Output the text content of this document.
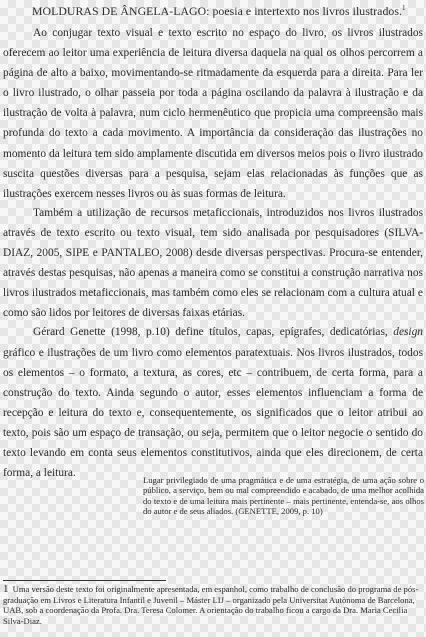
MOLDURAS DE ÂNGELA-LAGO: poesia e intertexto nos livros ilustrados.$^1$

Ao conjugar texto visual e texto escrito no espaço do livro, os livros ilustrados oferecem ao leitor uma experiência de leitura diversa daquela na qual os olhos percorrem a página de alto a baixo, movimentando-se ritmadamente da esquerda para a direita. Para ler o livro ilustrado, o olhar passeia por toda a página oscilando da palavra à ilustração e da ilustração de volta à palavra, num ciclo hermenêutico que propicia uma compreensão mais profunda do texto a cada movimento. A importância da consideração das ilustrações no momento da leitura tem sido amplamente discutida em diversos meios pois o livro ilustrado suscita questões diversas para a pesquisa, sejam elas relacionadas às funções que as ilustrações exercem nesses livros ou às suas formas de leitura.

Também a utilização de recursos metaficcionais, introduzidos nos livros ilustrados através de texto escrito ou texto visual, tem sido analisada por pesquisadores (SILVA-DIAZ, 2005, SIPE e PANTALEO, 2008) desde diversas perspectivas. Procura-se entender, através destas pesquisas, não apenas a maneira como se constitui a construção narrativa nos livros ilustrados metaficcionais, mas também como eles se relacionam com a cultura atual e como são lidos por leitores de diversas faixas etárias.

Gérard Genette (1998, p.10) define títulos, capas, epígrafes, dedicatórias, design gráfico e ilustrações de um livro como elementos paratextuais. Nos livros ilustrados, todos os elementos – o formato, a textura, as cores, etc – contribuem, de certa forma, para a construção do texto. Ainda segundo o autor, esses elementos influenciam a forma de recepção e leitura do texto e, consequentemente, os significados que o leitor atribui ao texto, pois são um espaço de transação, ou seja, permitem que o leitor negocie o sentido do texto levando em conta seus elementos constitutivos, ainda que eles direcionem, de certa forma, a leitura.

Lugar privilegiado de uma pragmática e de uma estratégia, de uma ação sobre o público, a serviço, bem ou mal compreendido e acabado, de uma melhor acolhida do texto e de uma leitura mais pertinente – mais pertinente, entenda-se, aos olhos do autor e de seus aliados. (GENETTE, 2009, p. 10)
1 Uma versão deste texto foi originalmente apresentada, em espanhol, como trabalho de conclusão do programa de pós-graduação em Livros e Literatura Infantil e Juvenil – Máster LIJ – organizado pela Universitat Autònoma de Barcelona, UAB, sob a coordenação da Profa. Dra. Teresa Colomer. A orientação do trabalho ficou a cargo da Dra. Maria Cecilia Silva-Diaz.
